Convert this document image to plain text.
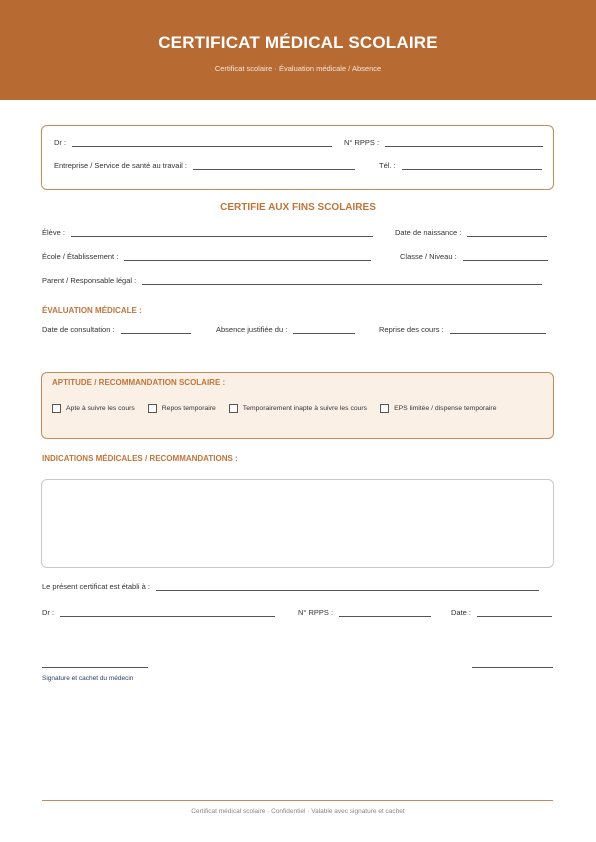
CERTIFICAT MÉDICAL SCOLAIRE
Certificat scolaire · Évaluation médicale / Absence
Dr :	N° RPPS :
Entreprise / Service de santé au travail :	Tél. :
CERTIFIE AUX FINS SCOLAIRES
Élève :	Date de naissance :
École / Établissement :	Classe / Niveau :
Parent / Responsable légal :
ÉVALUATION MÉDICALE :
Date de consultation :	Absence justifiée du :	Reprise des cours :
APTITUDE / RECOMMANDATION SCOLAIRE :
Apte à suivre les cours	Repos temporaire	Temporairement inapte à suivre les cours	EPS limitée / dispense temporaire
INDICATIONS MÉDICALES / RECOMMANDATIONS :
Le présent certificat est établi à :
Dr :	N° RPPS :	Date :
Signature et cachet du médecin
Certificat médical scolaire · Confidentiel · Valable avec signature et cachet
